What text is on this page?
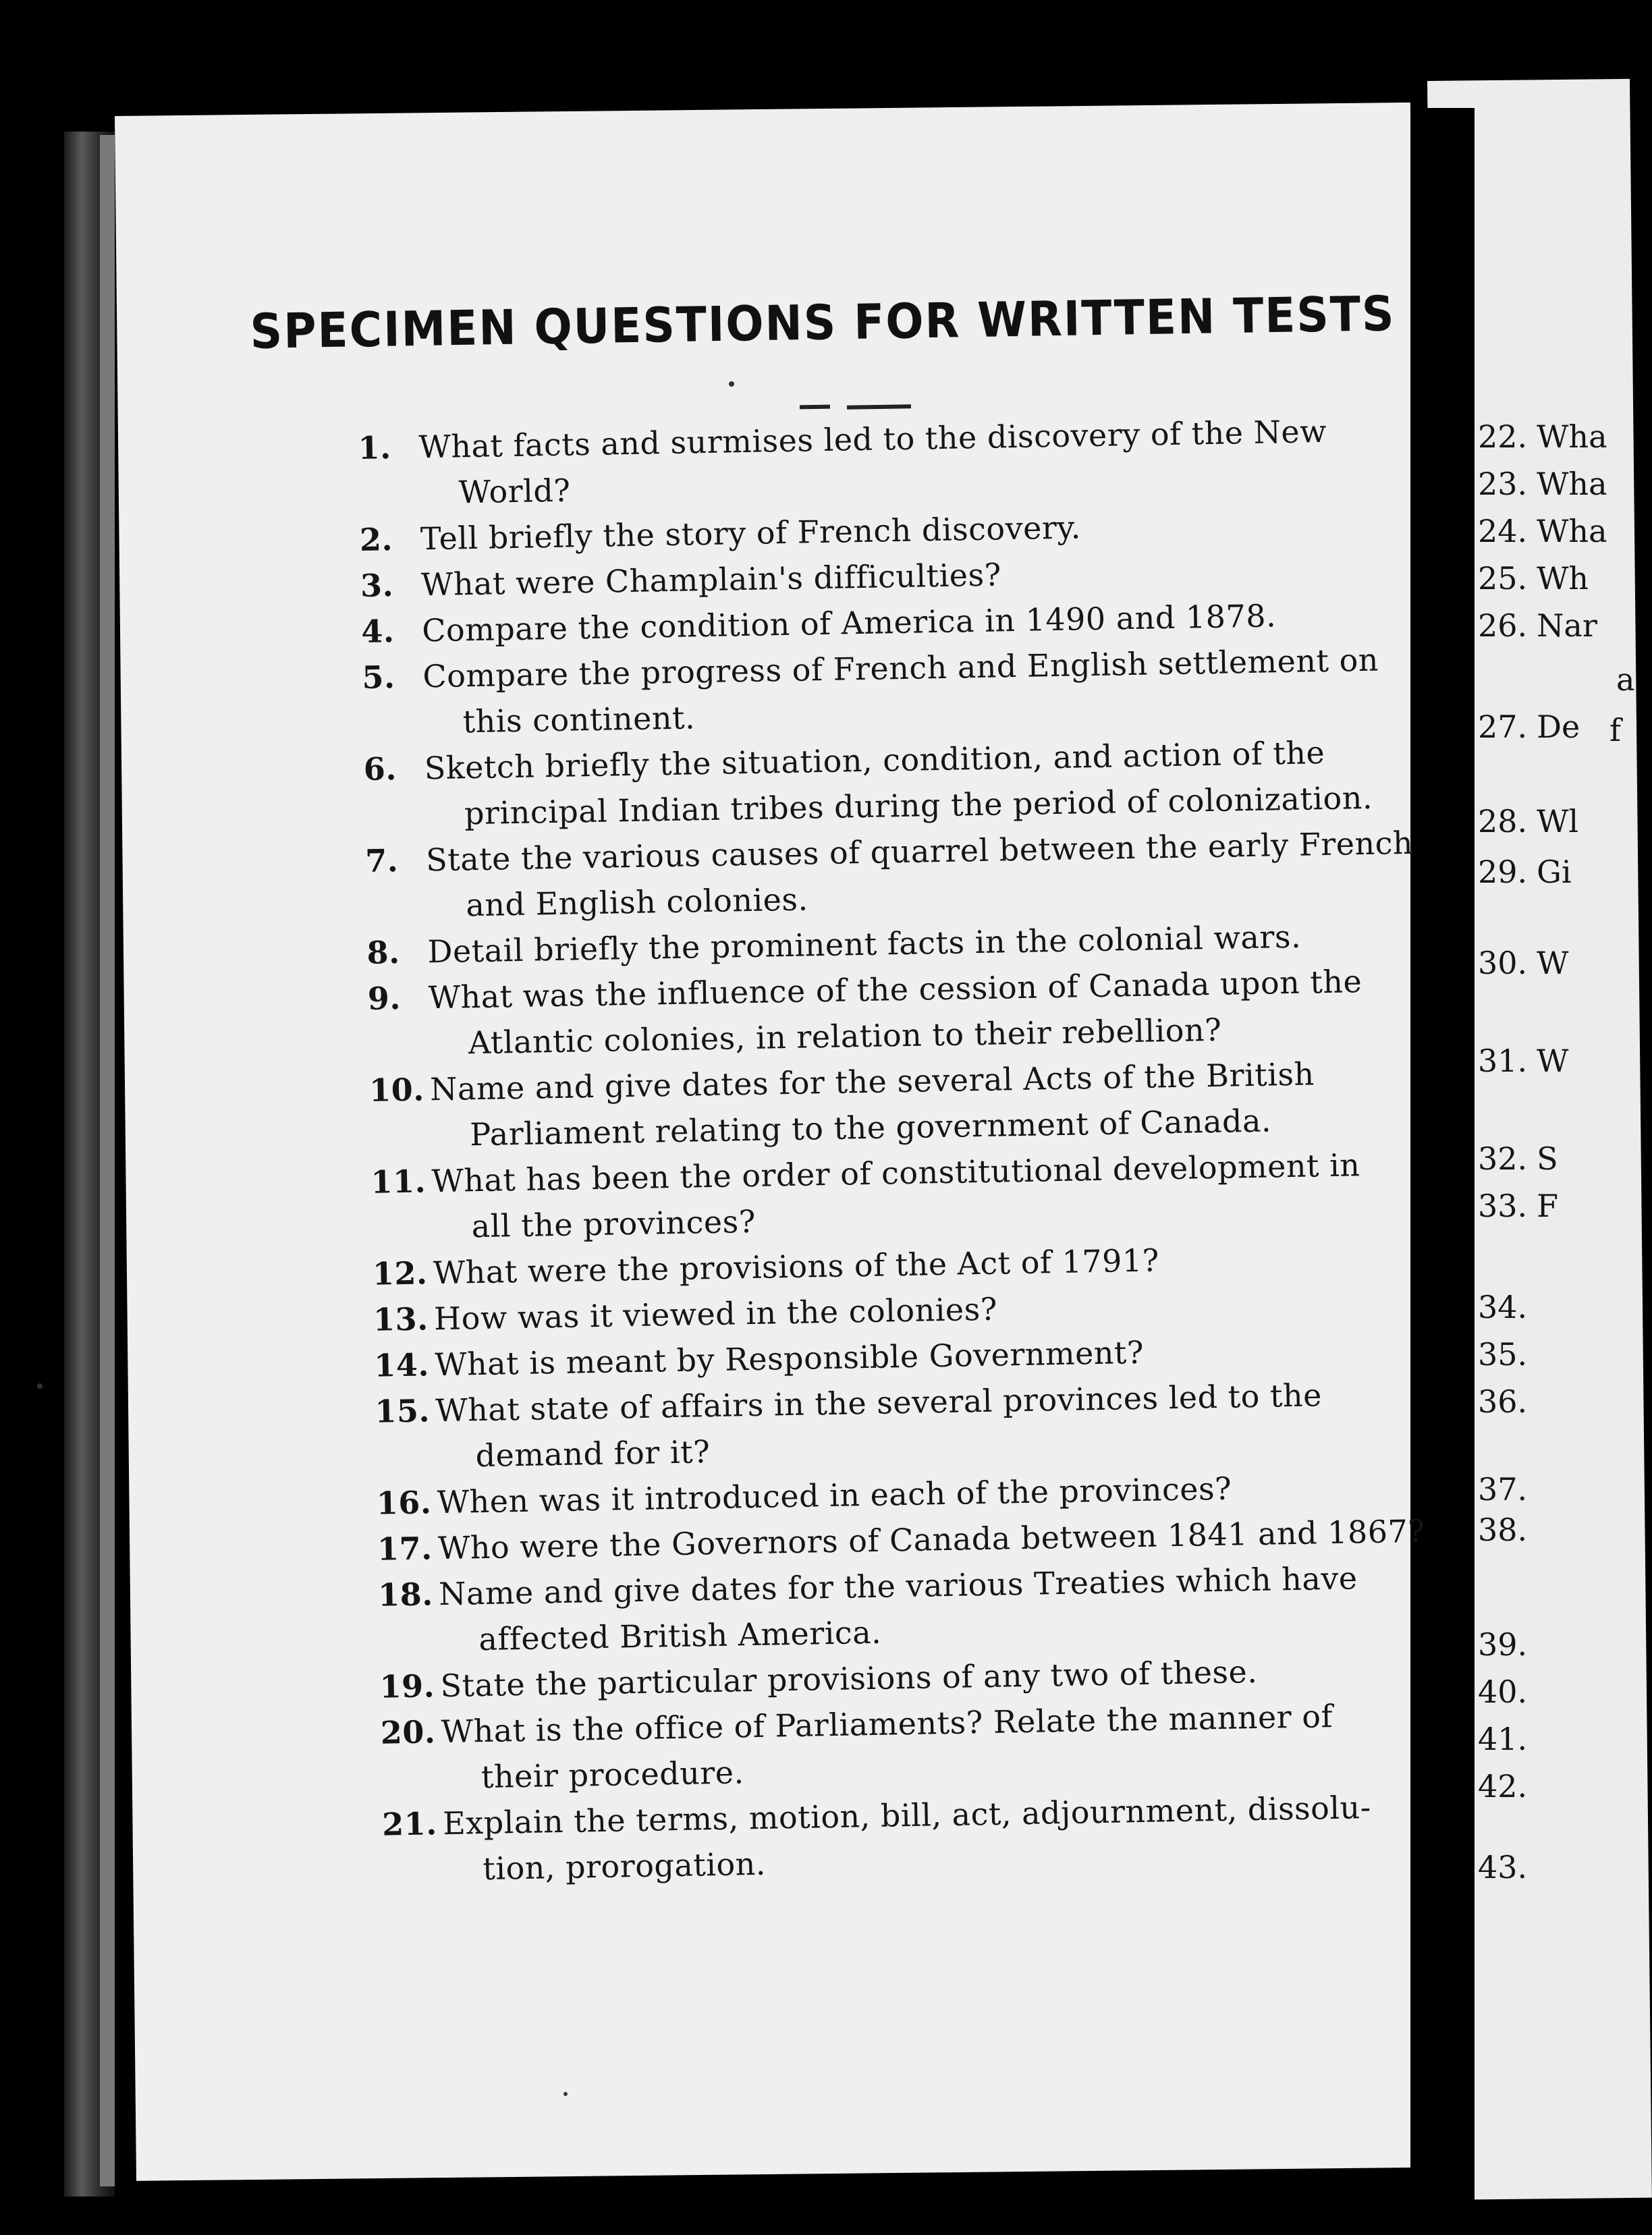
SPECIMEN QUESTIONS FOR WRITTEN TESTS
1. What facts and surmises led to the discovery of the New
World?
2. Tell briefly the story of French discovery.
3. What were Champlain's difficulties?
4. Compare the condition of America in 1490 and 1878.
5. Compare the progress of French and English settlement on
this continent.
6. Sketch briefly the situation, condition, and action of the
principal Indian tribes during the period of colonization.
7. State the various causes of quarrel between the early French
and English colonies.
8. Detail briefly the prominent facts in the colonial wars.
9. What was the influence of the cession of Canada upon the
Atlantic colonies, in relation to their rebellion?
10. Name and give dates for the several Acts of the British
Parliament relating to the government of Canada.
11. What has been the order of constitutional development in
all the provinces?
12. What were the provisions of the Act of 1791?
13. How was it viewed in the colonies?
14. What is meant by Responsible Government?
15. What state of affairs in the several provinces led to the
demand for it?
16. When was it introduced in each of the provinces?
17. Who were the Governors of Canada between 1841 and 1867?
18. Name and give dates for the various Treaties which have
affected British America.
19. State the particular provisions of any two of these.
20. What is the office of Parliaments? Relate the manner of
their procedure.
21. Explain the terms, motion, bill, act, adjournment, dissolu-
tion, prorogation.
22. Wha
23. Wha
24. Wha
25. Wh
26. Nar
27. De
28. Wl
29. Gi
30. W
31. W
32. S
33. F
34.
35.
36.
37.
38.
39.
40.
41.
42.
43.
a
f
